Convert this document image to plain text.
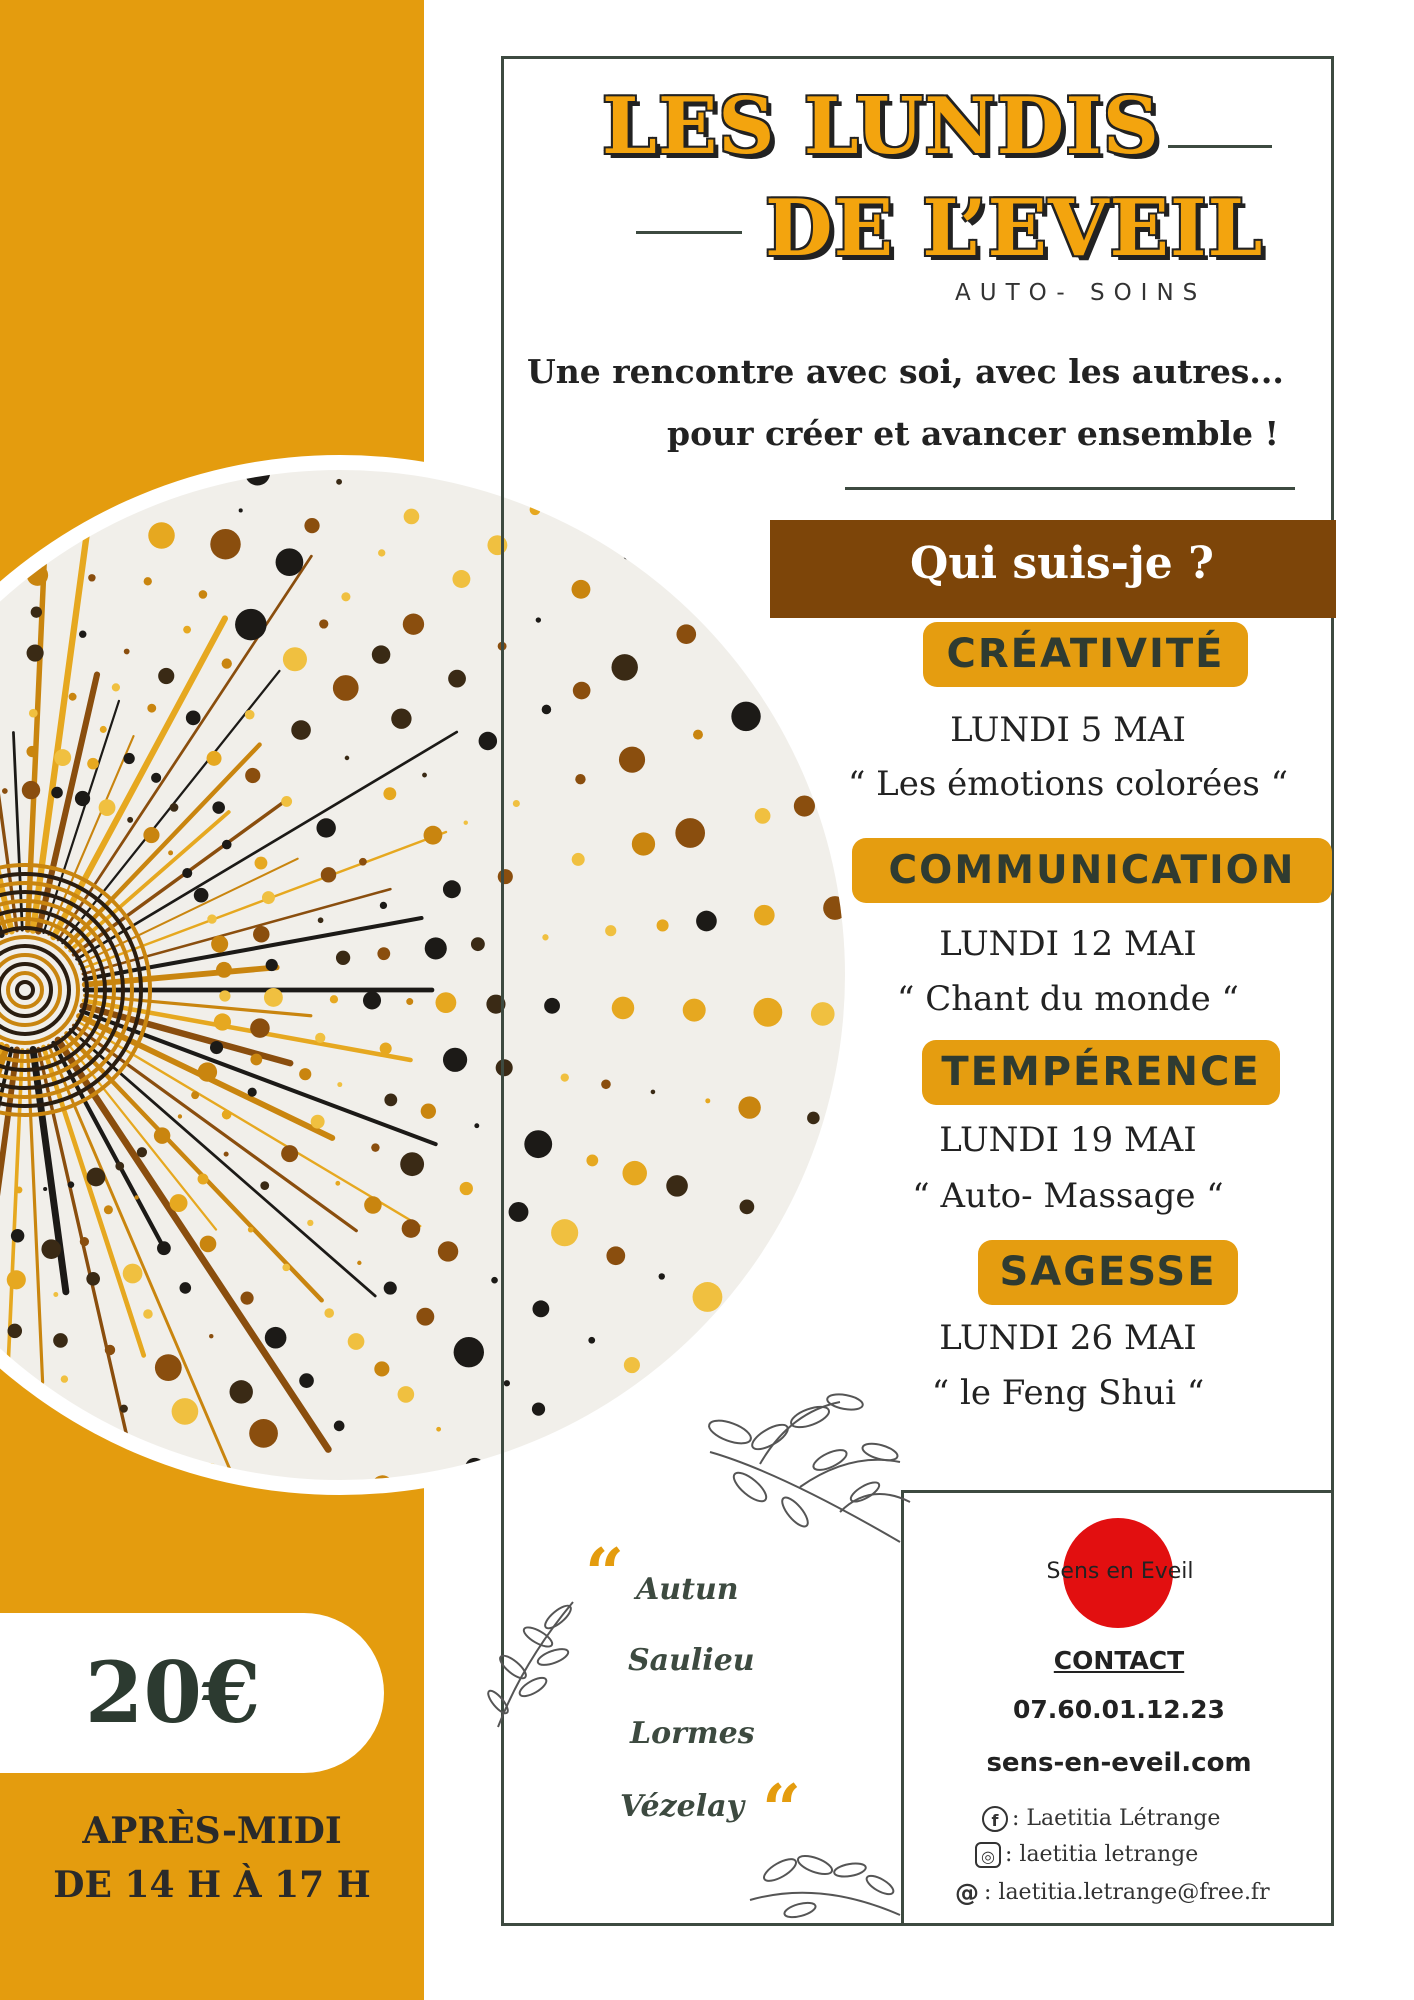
LES LUNDIS
DE L’EVEIL
AUTO- SOINS
Une rencontre avec soi, avec les autres...
pour créer et avancer ensemble !
Qui suis-je ?
CRÉATIVITÉ
LUNDI 5 MAI
“ Les émotions colorées “
COMMUNICATION
LUNDI 12 MAI
“ Chant du monde “
TEMPÉRENCE
LUNDI 19 MAI
“ Auto- Massage “
SAGESSE
LUNDI 26 MAI
“ le Feng Shui “
“ Autun
Saulieu
Lormes
Vézelay “
Sens en Eveil
CONTACT
07.60.01.12.23
sens-en-eveil.com
f : Laetitia Létrange
◎ : laetitia letrange
@ : laetitia.letrange@free.fr
20€
APRÈS-MIDI
DE 14 H À 17 H
